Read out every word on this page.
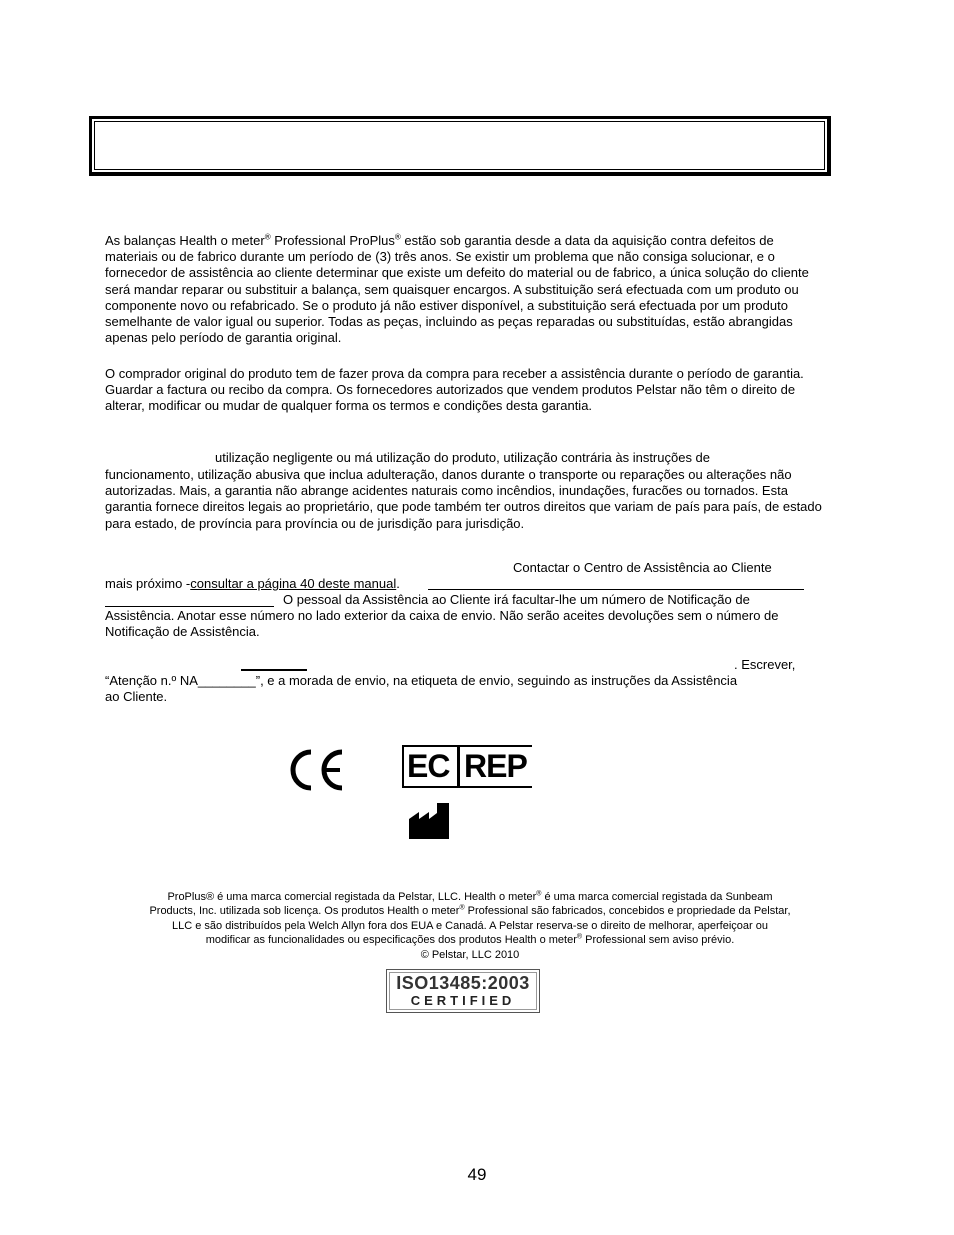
As balanças Health o meter® Professional ProPlus® estão sob garantia desde a data da aquisição contra defeitos de materiais ou de fabrico durante um período de (3) três anos. Se existir um problema que não consiga solucionar, e o fornecedor de assistência ao cliente determinar que existe um defeito do material ou de fabrico, a única solução do cliente será mandar reparar ou substituir a balança, sem quaisquer encargos. A substituição será efectuada com um produto ou componente novo ou refabricado. Se o produto já não estiver disponível, a substituição será efectuada por um produto semelhante de valor igual ou superior. Todas as peças, incluindo as peças reparadas ou substituídas, estão abrangidas apenas pelo período de garantia original.
O comprador original do produto tem de fazer prova da compra para receber a assistência durante o período de garantia. Guardar a factura ou recibo da compra. Os fornecedores autorizados que vendem produtos Pelstar não têm o direito de alterar, modificar ou mudar de qualquer forma os termos e condições desta garantia.
utilização negligente ou má utilização do produto, utilização contrária às instruções de
funcionamento, utilização abusiva que inclua adulteração, danos durante o transporte ou reparações ou alterações não autorizadas. Mais, a garantia não abrange acidentes naturais como incêndios, inundações, furacões ou tornados. Esta garantia fornece direitos legais ao proprietário, que pode também ter outros direitos que variam de país para país, de estado para estado, de província para província ou de jurisdição para jurisdição.
Contactar o Centro de Assistência ao Cliente
mais próximo -consultar a página 40 deste manual.
O pessoal da Assistência ao Cliente irá facultar-lhe um número de Notificação de
Assistência. Anotar esse número no lado exterior da caixa de envio. Não serão aceites devoluções sem o número de Notificação de Assistência.
. Escrever,
“Atenção n.º NA________”, e a morada de envio, na etiqueta de envio, seguindo as instruções da Assistência
ao Cliente.
EC REP
ProPlus® é uma marca comercial registada da Pelstar, LLC. Health o meter® é uma marca comercial registada da Sunbeam
Products, Inc. utilizada sob licença. Os produtos Health o meter® Professional são fabricados, concebidos e propriedade da Pelstar,
LLC e são distribuídos pela Welch Allyn fora dos EUA e Canadá. A Pelstar reserva-se o direito de melhorar, aperfeiçoar ou
modificar as funcionalidades ou especificações dos produtos Health o meter® Professional sem aviso prévio.
© Pelstar, LLC 2010
ISO13485:2003
CERTIFIED
49
